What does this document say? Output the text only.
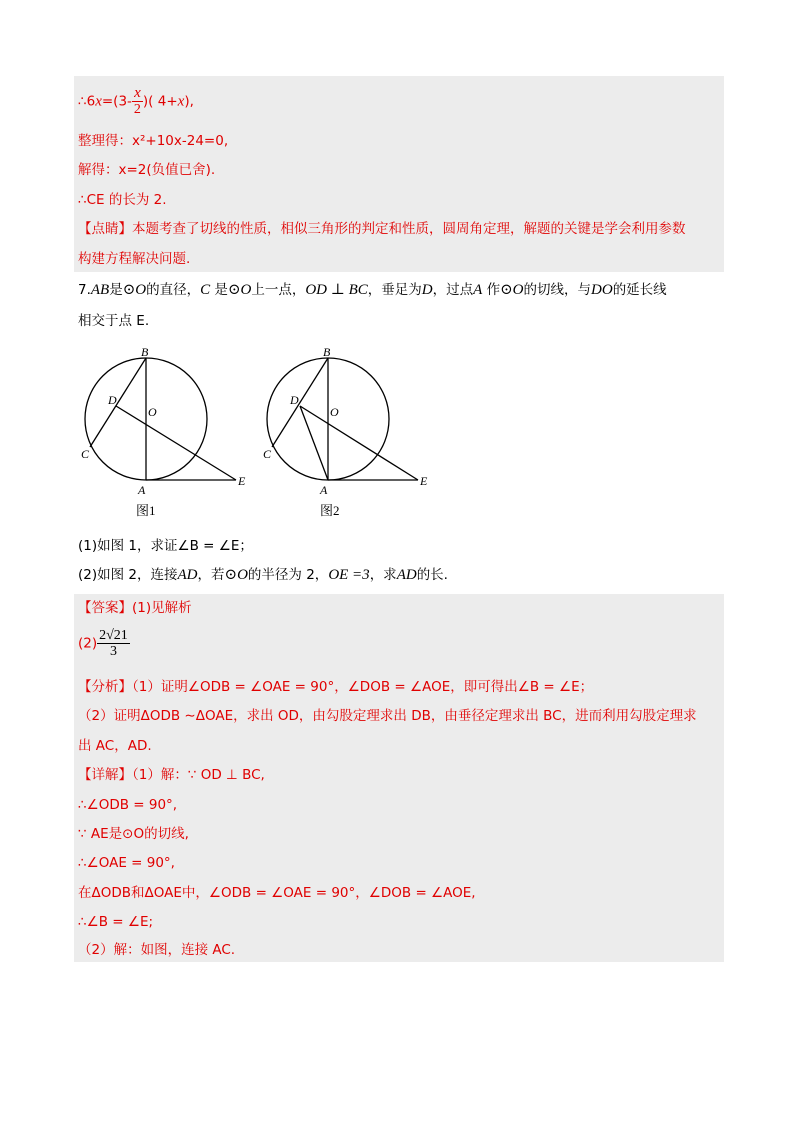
∴6x=(3- $\frac{x}{2}$ )( 4+x),
整理得：x²+10x-24=0,
解得：x=2(负值已舍).
∴CE 的长为 2.
【点睛】本题考查了切线的性质，相似三角形的判定和性质，圆周角定理，解题的关键是学会利用参数
构建方程解决问题.
7.AB是⊙O的直径，C 是⊙O上一点，OD ⊥ BC，垂足为D，过点A 作⊙O的切线，与DO的延长线
相交于点 E.
B
D
O
C
A
E
图1
B
D
O
C
A
E
图2
(1)如图 1，求证∠B = ∠E；
(2)如图 2，连接AD，若⊙O的半径为 2，OE =3，求AD的长.
【答案】(1)见解析
$(2) \frac{2√21}{3}$
【分析】（1）证明∠ODB = ∠OAE = 90°，∠DOB = ∠AOE，即可得出∠B = ∠E；
（2）证明ΔODB ∼ΔOAE，求出 OD，由勾股定理求出 DB，由垂径定理求出 BC，进而利用勾股定理求
出 AC，AD.
【详解】（1）解：∵ OD ⊥ BC,
∴∠ODB = 90°,
∵ AE是⊙O的切线,
∴∠OAE = 90°,
在ΔODB和ΔOAE中，∠ODB = ∠OAE = 90°，∠DOB = ∠AOE,
∴∠B = ∠E;
（2）解：如图，连接 AC.
